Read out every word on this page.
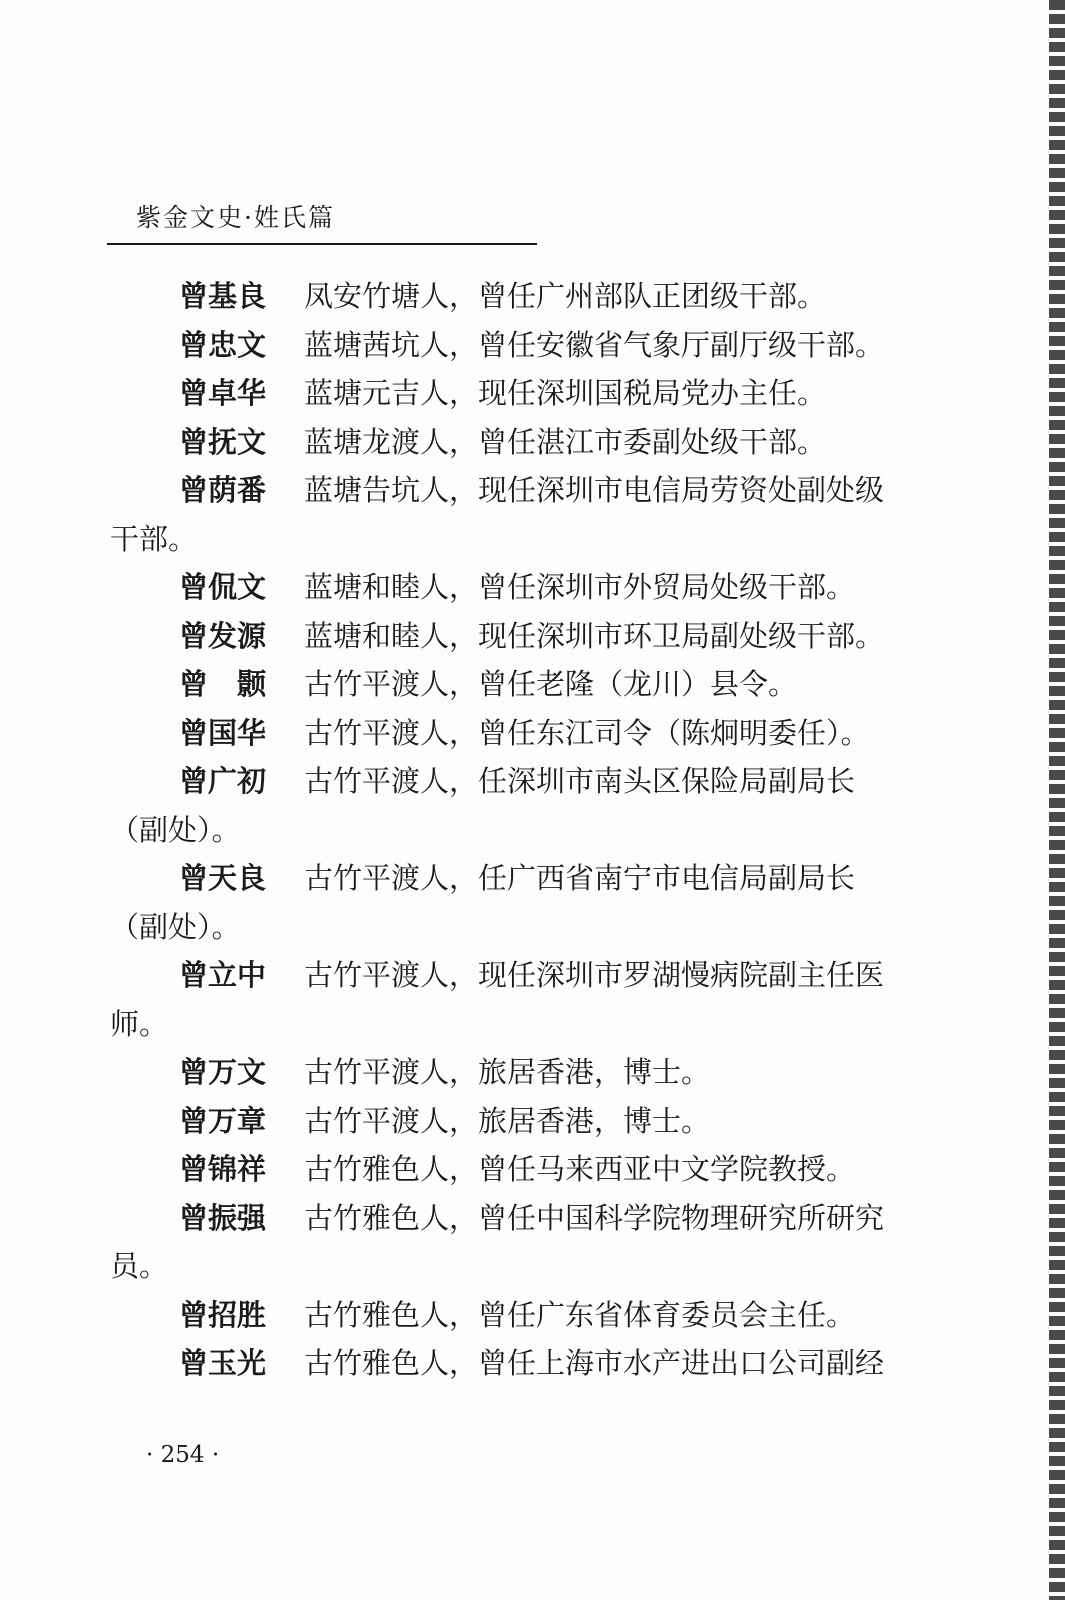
紫金文史·姓氏篇
曾基良 凤安竹塘人，曾任广州部队正团级干部。
曾忠文 蓝塘茜坑人，曾任安徽省气象厅副厅级干部。
曾卓华 蓝塘元吉人，现任深圳国税局党办主任。
曾抚文 蓝塘龙渡人，曾任湛江市委副处级干部。
曾荫番 蓝塘告坑人，现任深圳市电信局劳资处副处级
干部。
曾侃文 蓝塘和睦人，曾任深圳市外贸局处级干部。
曾发源 蓝塘和睦人，现任深圳市环卫局副处级干部。
曾　颢 古竹平渡人，曾任老隆（龙川）县令。
曾国华 古竹平渡人，曾任东江司令（陈炯明委任）。
曾广初 古竹平渡人，任深圳市南头区保险局副局长
（副处）。
曾天良 古竹平渡人，任广西省南宁市电信局副局长
（副处）。
曾立中 古竹平渡人，现任深圳市罗湖慢病院副主任医
师。
曾万文 古竹平渡人，旅居香港，博士。
曾万章 古竹平渡人，旅居香港，博士。
曾锦祥 古竹雅色人，曾任马来西亚中文学院教授。
曾振强 古竹雅色人，曾任中国科学院物理研究所研究
员。
曾招胜 古竹雅色人，曾任广东省体育委员会主任。
曾玉光 古竹雅色人，曾任上海市水产进出口公司副经
· 254 ·
